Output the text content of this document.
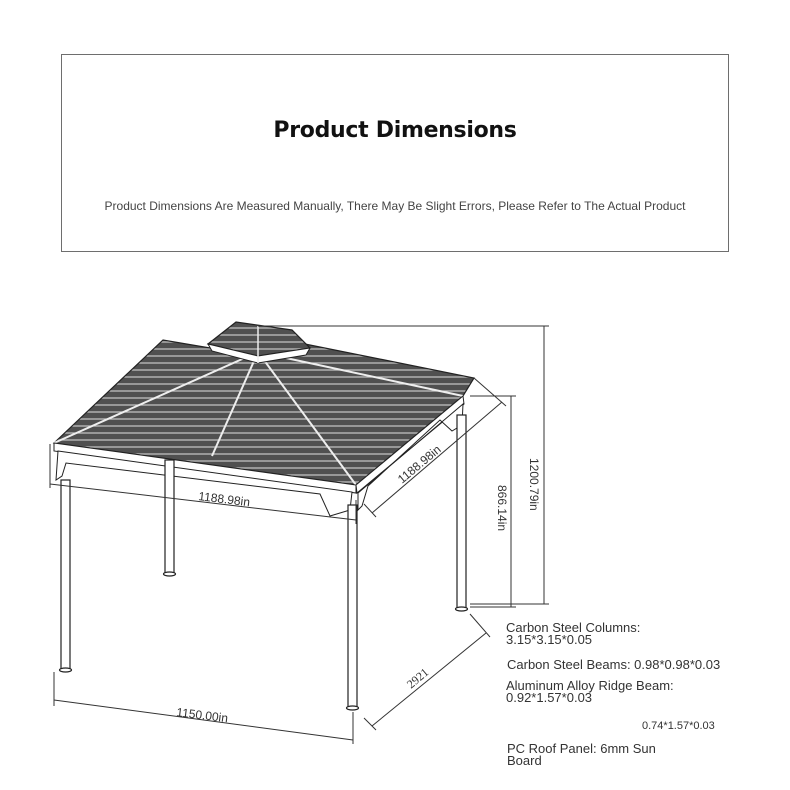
Product Dimensions
Product Dimensions Are Measured Manually, There May Be Slight Errors, Please Refer to The Actual Product
1188.98in
1188.98in
866.14in 1200.79in
1150.00in
2921
Carbon Steel Columns:
3.15*3.15*0.05
Carbon Steel Beams: 0.98*0.98*0.03
Aluminum Alloy Ridge Beam:
0.92*1.57*0.03
0.74*1.57*0.03
PC Roof Panel: 6mm Sun
Board
